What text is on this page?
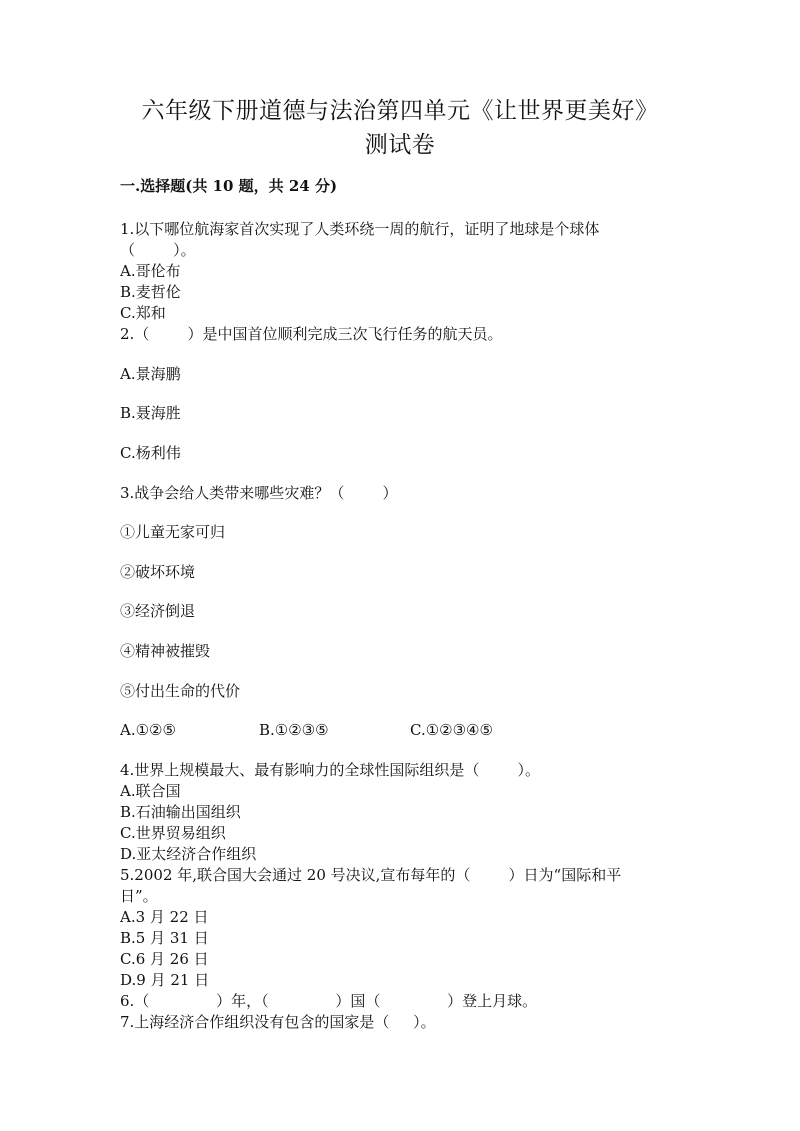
六年级下册道德与法治第四单元《让世界更美好》
测试卷
一.选择题(共 10 题，共 24 分)
1.以下哪位航海家首次实现了人类环绕一周的航行，证明了地球是个球体
（        ）。
A.哥伦布
B.麦哲伦
C.郑和
2.（        ）是中国首位顺利完成三次飞行任务的航天员。
A.景海鹏
B.聂海胜
C.杨利伟
3.战争会给人类带来哪些灾难？（        ）
①儿童无家可归
②破坏环境
③经济倒退
④精神被摧毁
⑤付出生命的代价
A.①②⑤	B.①②③⑤	C.①②③④⑤
4.世界上规模最大、最有影响力的全球性国际组织是（        ）。
A.联合国
B.石油输出国组织
C.世界贸易组织
D.亚太经济合作组织
5.2002 年,联合国大会通过 20 号决议,宣布每年的（        ）日为“国际和平
日”。
A.3 月 22 日
B.5 月 31 日
C.6 月 26 日
D.9 月 21 日
6.（              ）年，（              ）国（              ）登上月球。
7.上海经济合作组织没有包含的国家是（     ）。
